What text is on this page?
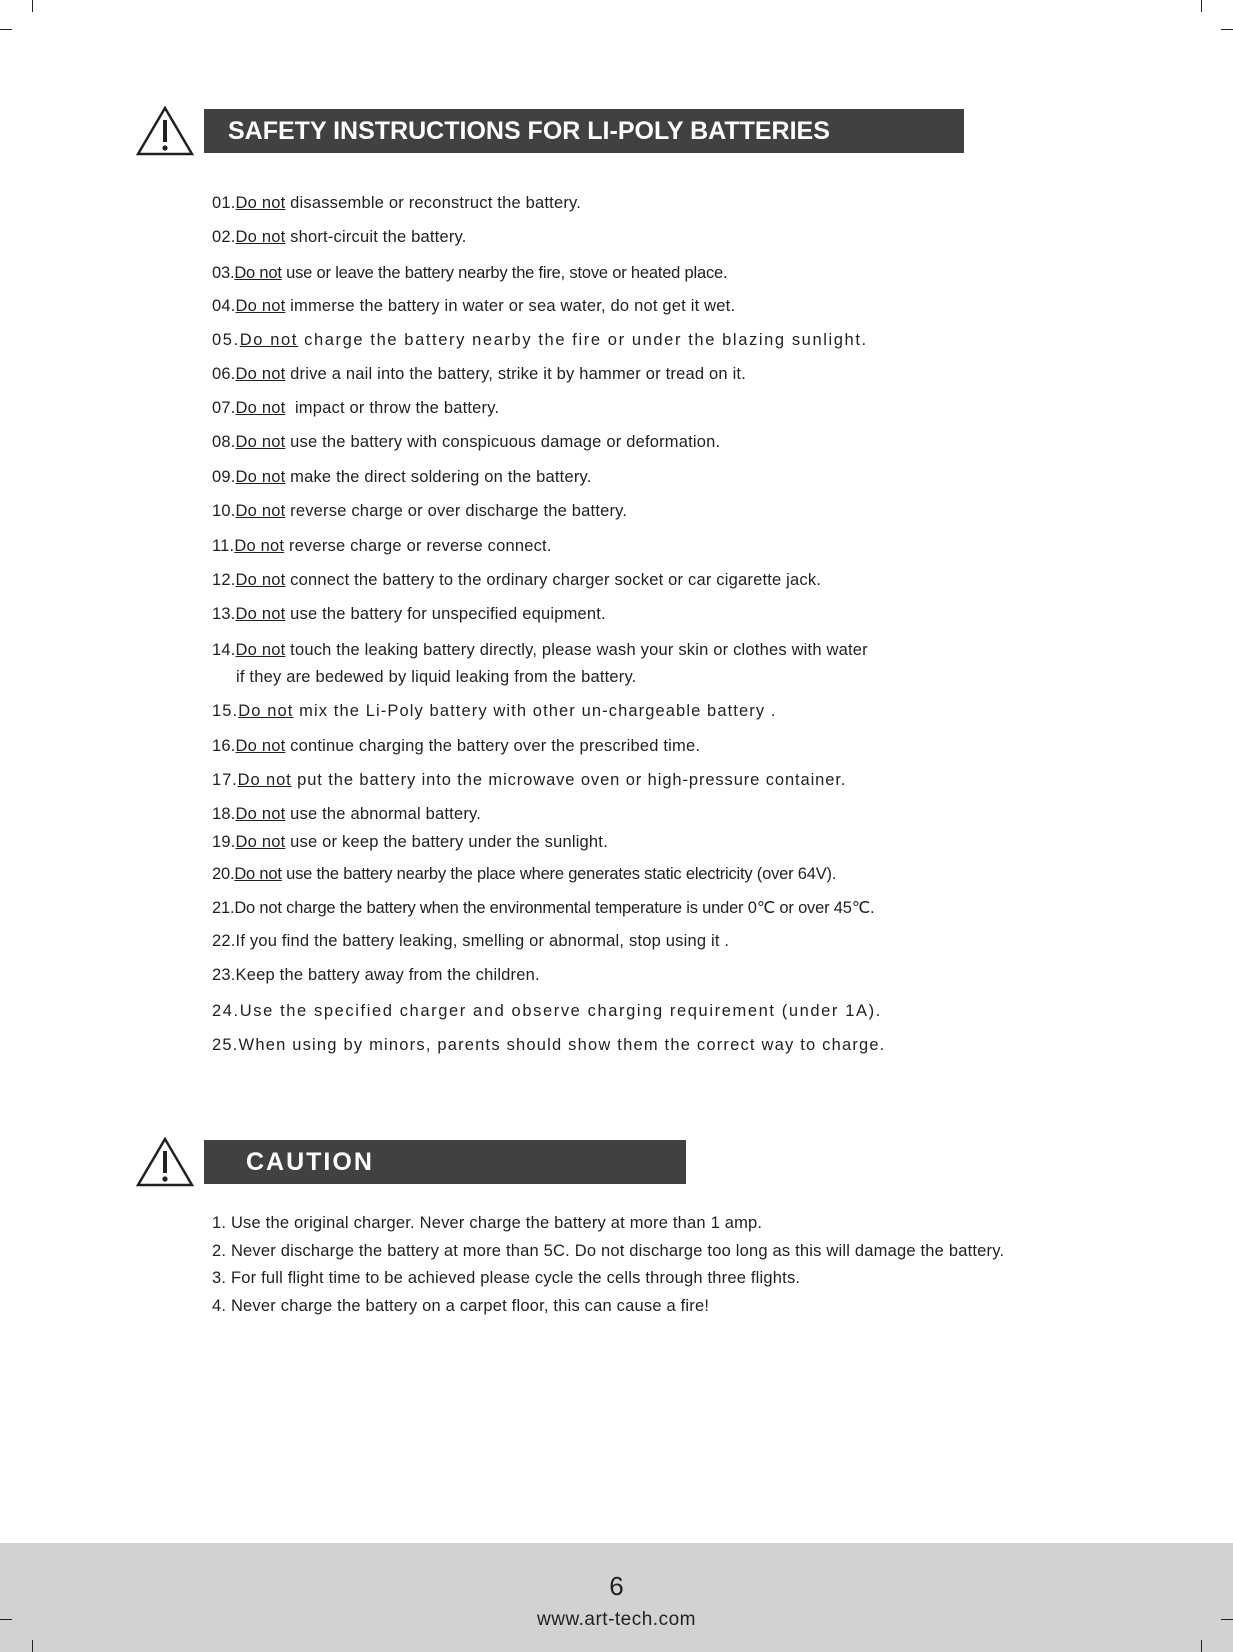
SAFETY INSTRUCTIONS FOR LI-POLY BATTERIES
01.Do not disassemble or reconstruct the battery.
02.Do not short-circuit the battery.
03.Do not use or leave the battery nearby the fire, stove or heated place.
04.Do not immerse the battery in water or sea water, do not get it wet.
05.Do not charge the battery nearby the fire or under the blazing sunlight.
06.Do not drive a nail into the battery, strike it by hammer or tread on it.
07.Do not  impact or throw the battery.
08.Do not use the battery with conspicuous damage or deformation.
09.Do not make the direct soldering on the battery.
10.Do not reverse charge or over discharge the battery.
11.Do not reverse charge or reverse connect.
12.Do not connect the battery to the ordinary charger socket or car cigarette jack.
13.Do not use the battery for unspecified equipment.
14.Do not touch the leaking battery directly, please wash your skin or clothes with water
if they are bedewed by liquid leaking from the battery.
15.Do not mix the Li-Poly battery with other un-chargeable battery .
16.Do not continue charging the battery over the prescribed time.
17.Do not put the battery into the microwave oven or high-pressure container.
18.Do not use the abnormal battery.
19.Do not use or keep the battery under the sunlight.
20.Do not use the battery nearby the place where generates static electricity (over 64V).
21.Do not charge the battery when the environmental temperature is under 0℃ or over 45℃.
22.If you find the battery leaking, smelling or abnormal, stop using it .
23.Keep the battery away from the children.
24.Use the specified charger and observe charging requirement (under 1A).
25.When using by minors, parents should show them the correct way to charge.
CAUTION
1. Use the original charger. Never charge the battery at more than 1 amp.
2. Never discharge the battery at more than 5C. Do not discharge too long as this will damage the battery.
3. For full flight time to be achieved please cycle the cells through three flights.
4. Never charge the battery on a carpet floor, this can cause a fire!
6
www.art-tech.com
